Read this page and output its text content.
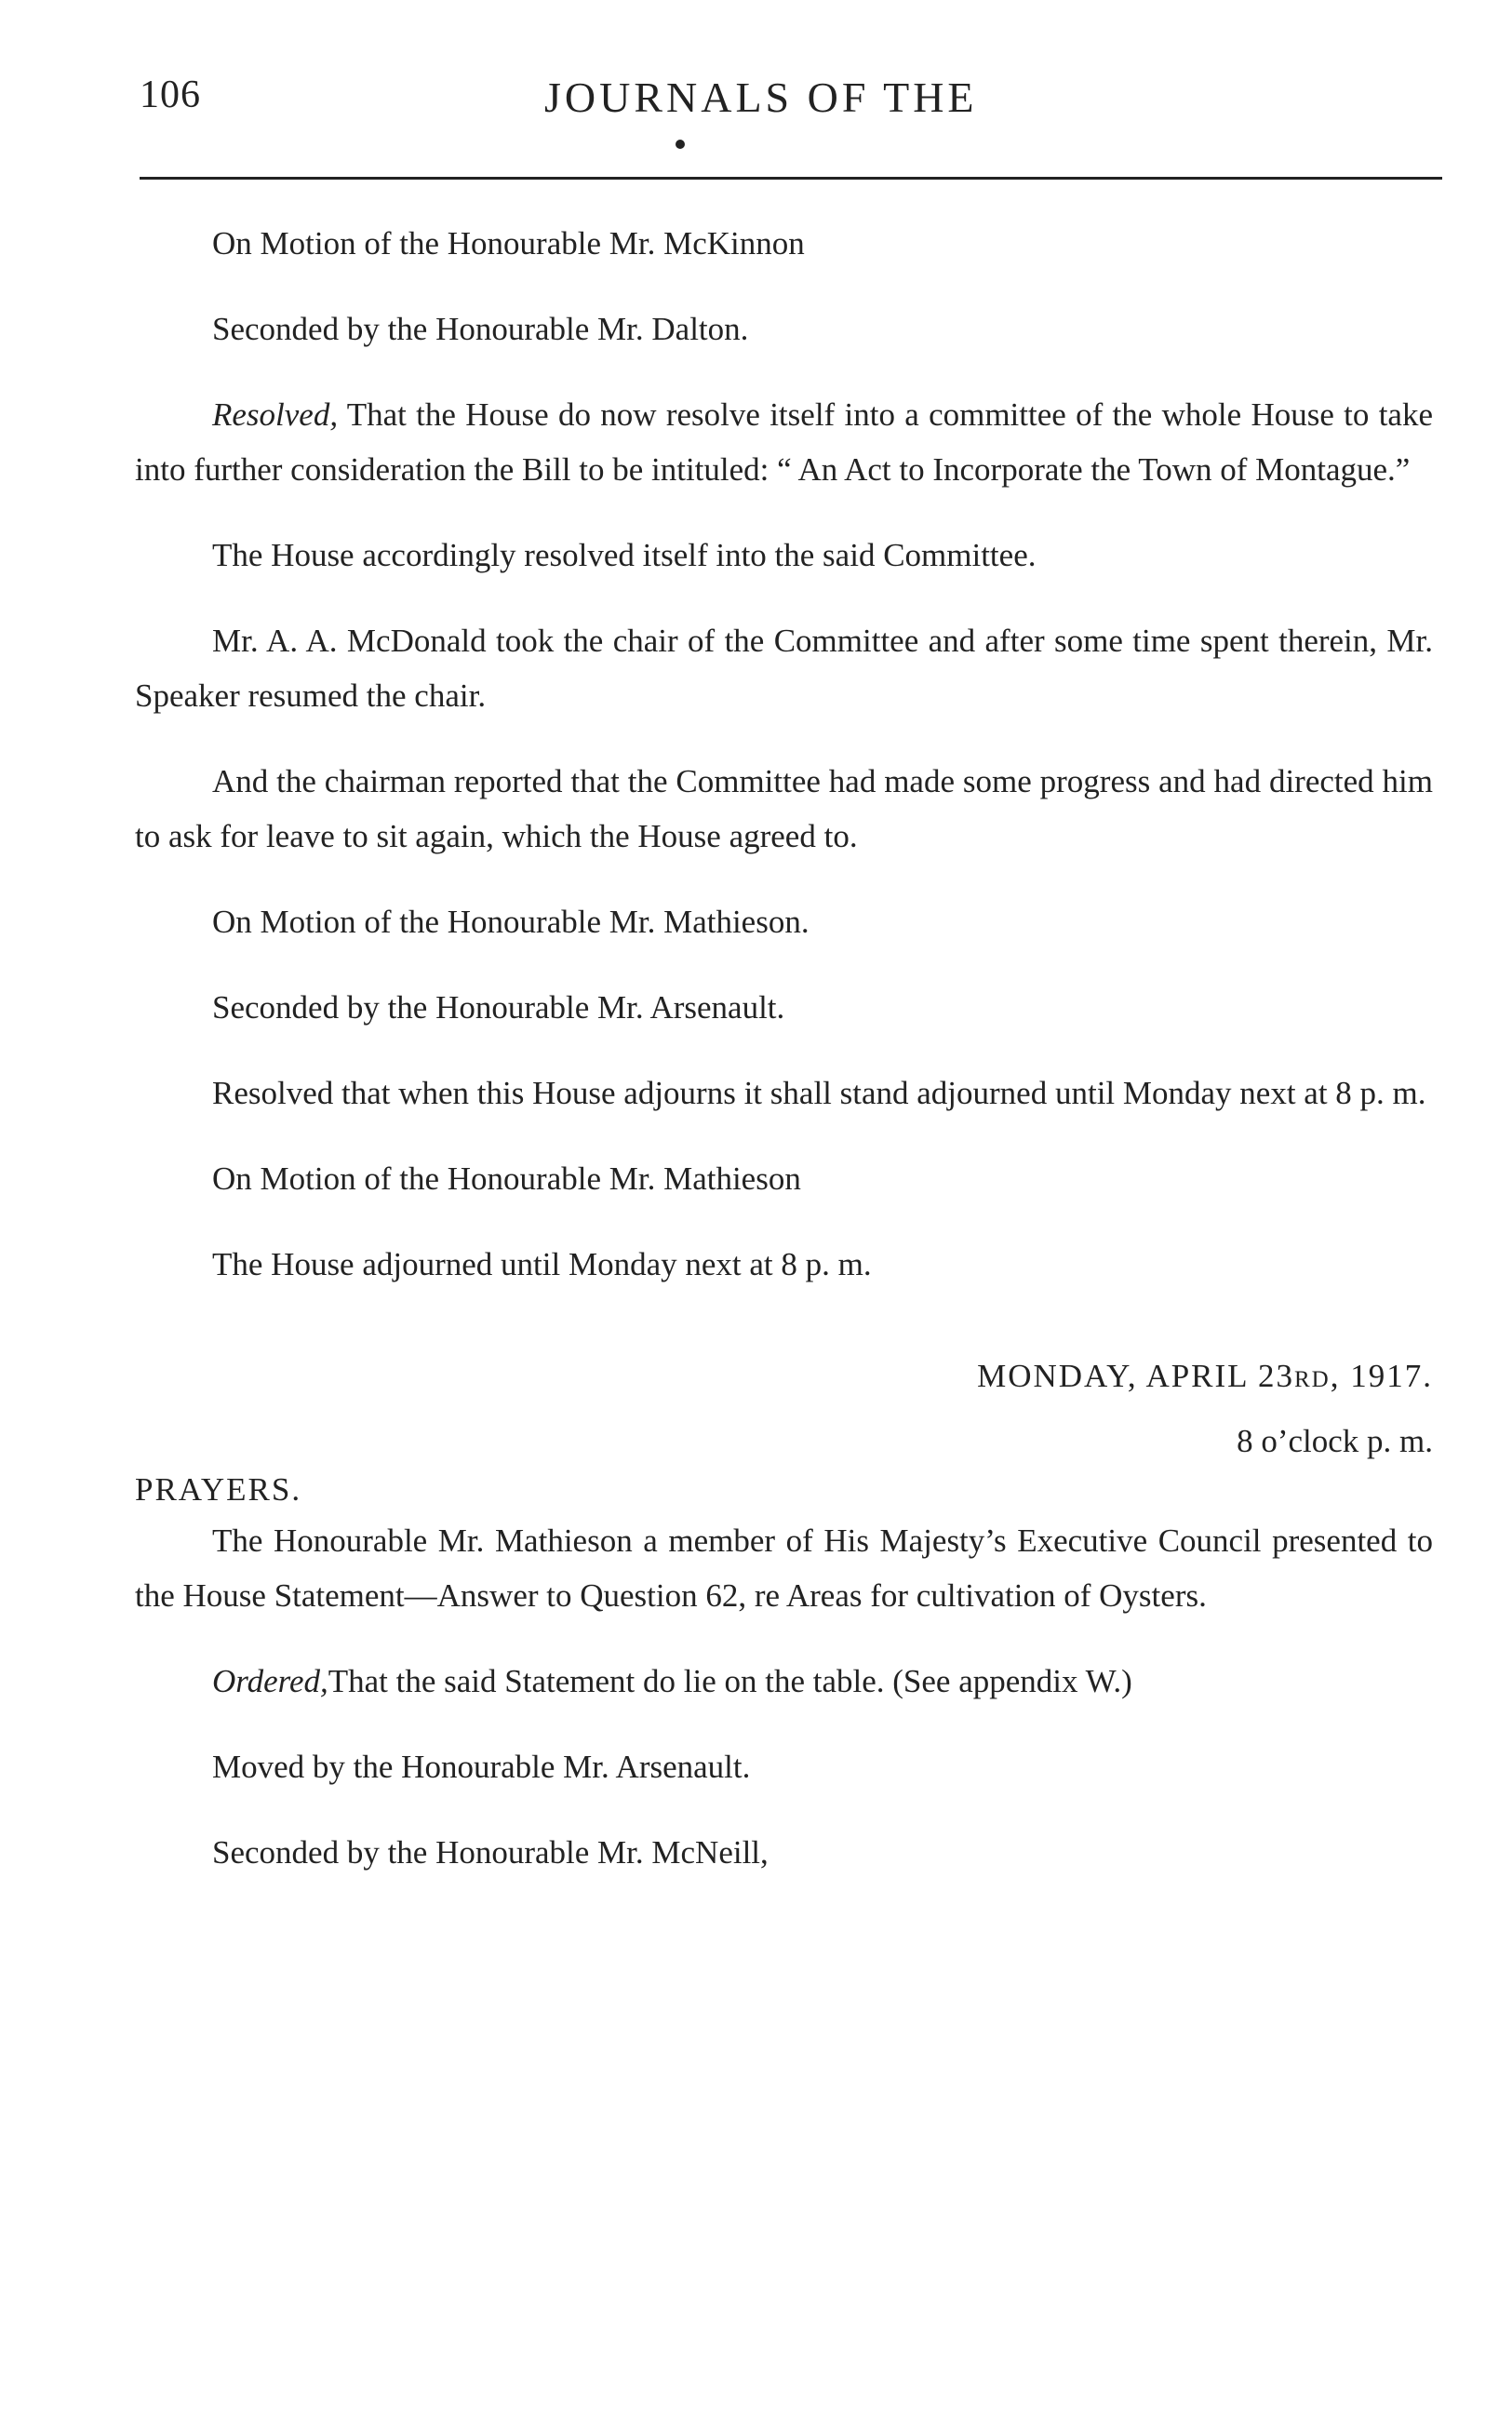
106	JOURNALS OF THE

On Motion of the Honourable Mr. McKinnon

Seconded by the Honourable Mr. Dalton.

Resolved, That the House do now resolve itself into a committee of the whole House to take into further consideration the Bill to be intituled: “ An Act to Incorporate the Town of Montague.”

The House accordingly resolved itself into the said Committee.

Mr. A. A. McDonald took the chair of the Committee and after some time spent therein, Mr. Speaker resumed the chair.

And the chairman reported that the Committee had made some progress and had directed him to ask for leave to sit again, which the House agreed to.

On Motion of the Honourable Mr. Mathieson.

Seconded by the Honourable Mr. Arsenault.

Resolved that when this House adjourns it shall stand adjourned until Monday next at 8 p. m.

On Motion of the Honourable Mr. Mathieson

The House adjourned until Monday next at 8 p. m.

MONDAY, APRIL 23rd, 1917.
8 o’clock p. m.
PRAYERS.

The Honourable Mr. Mathieson a member of His Majesty’s Executive Council presented to the House Statement—Answer to Question 62, re Areas for cultivation of Oysters.

Ordered,That the said Statement do lie on the table. (See appendix W.)

Moved by the Honourable Mr. Arsenault.

Seconded by the Honourable Mr. McNeill,
